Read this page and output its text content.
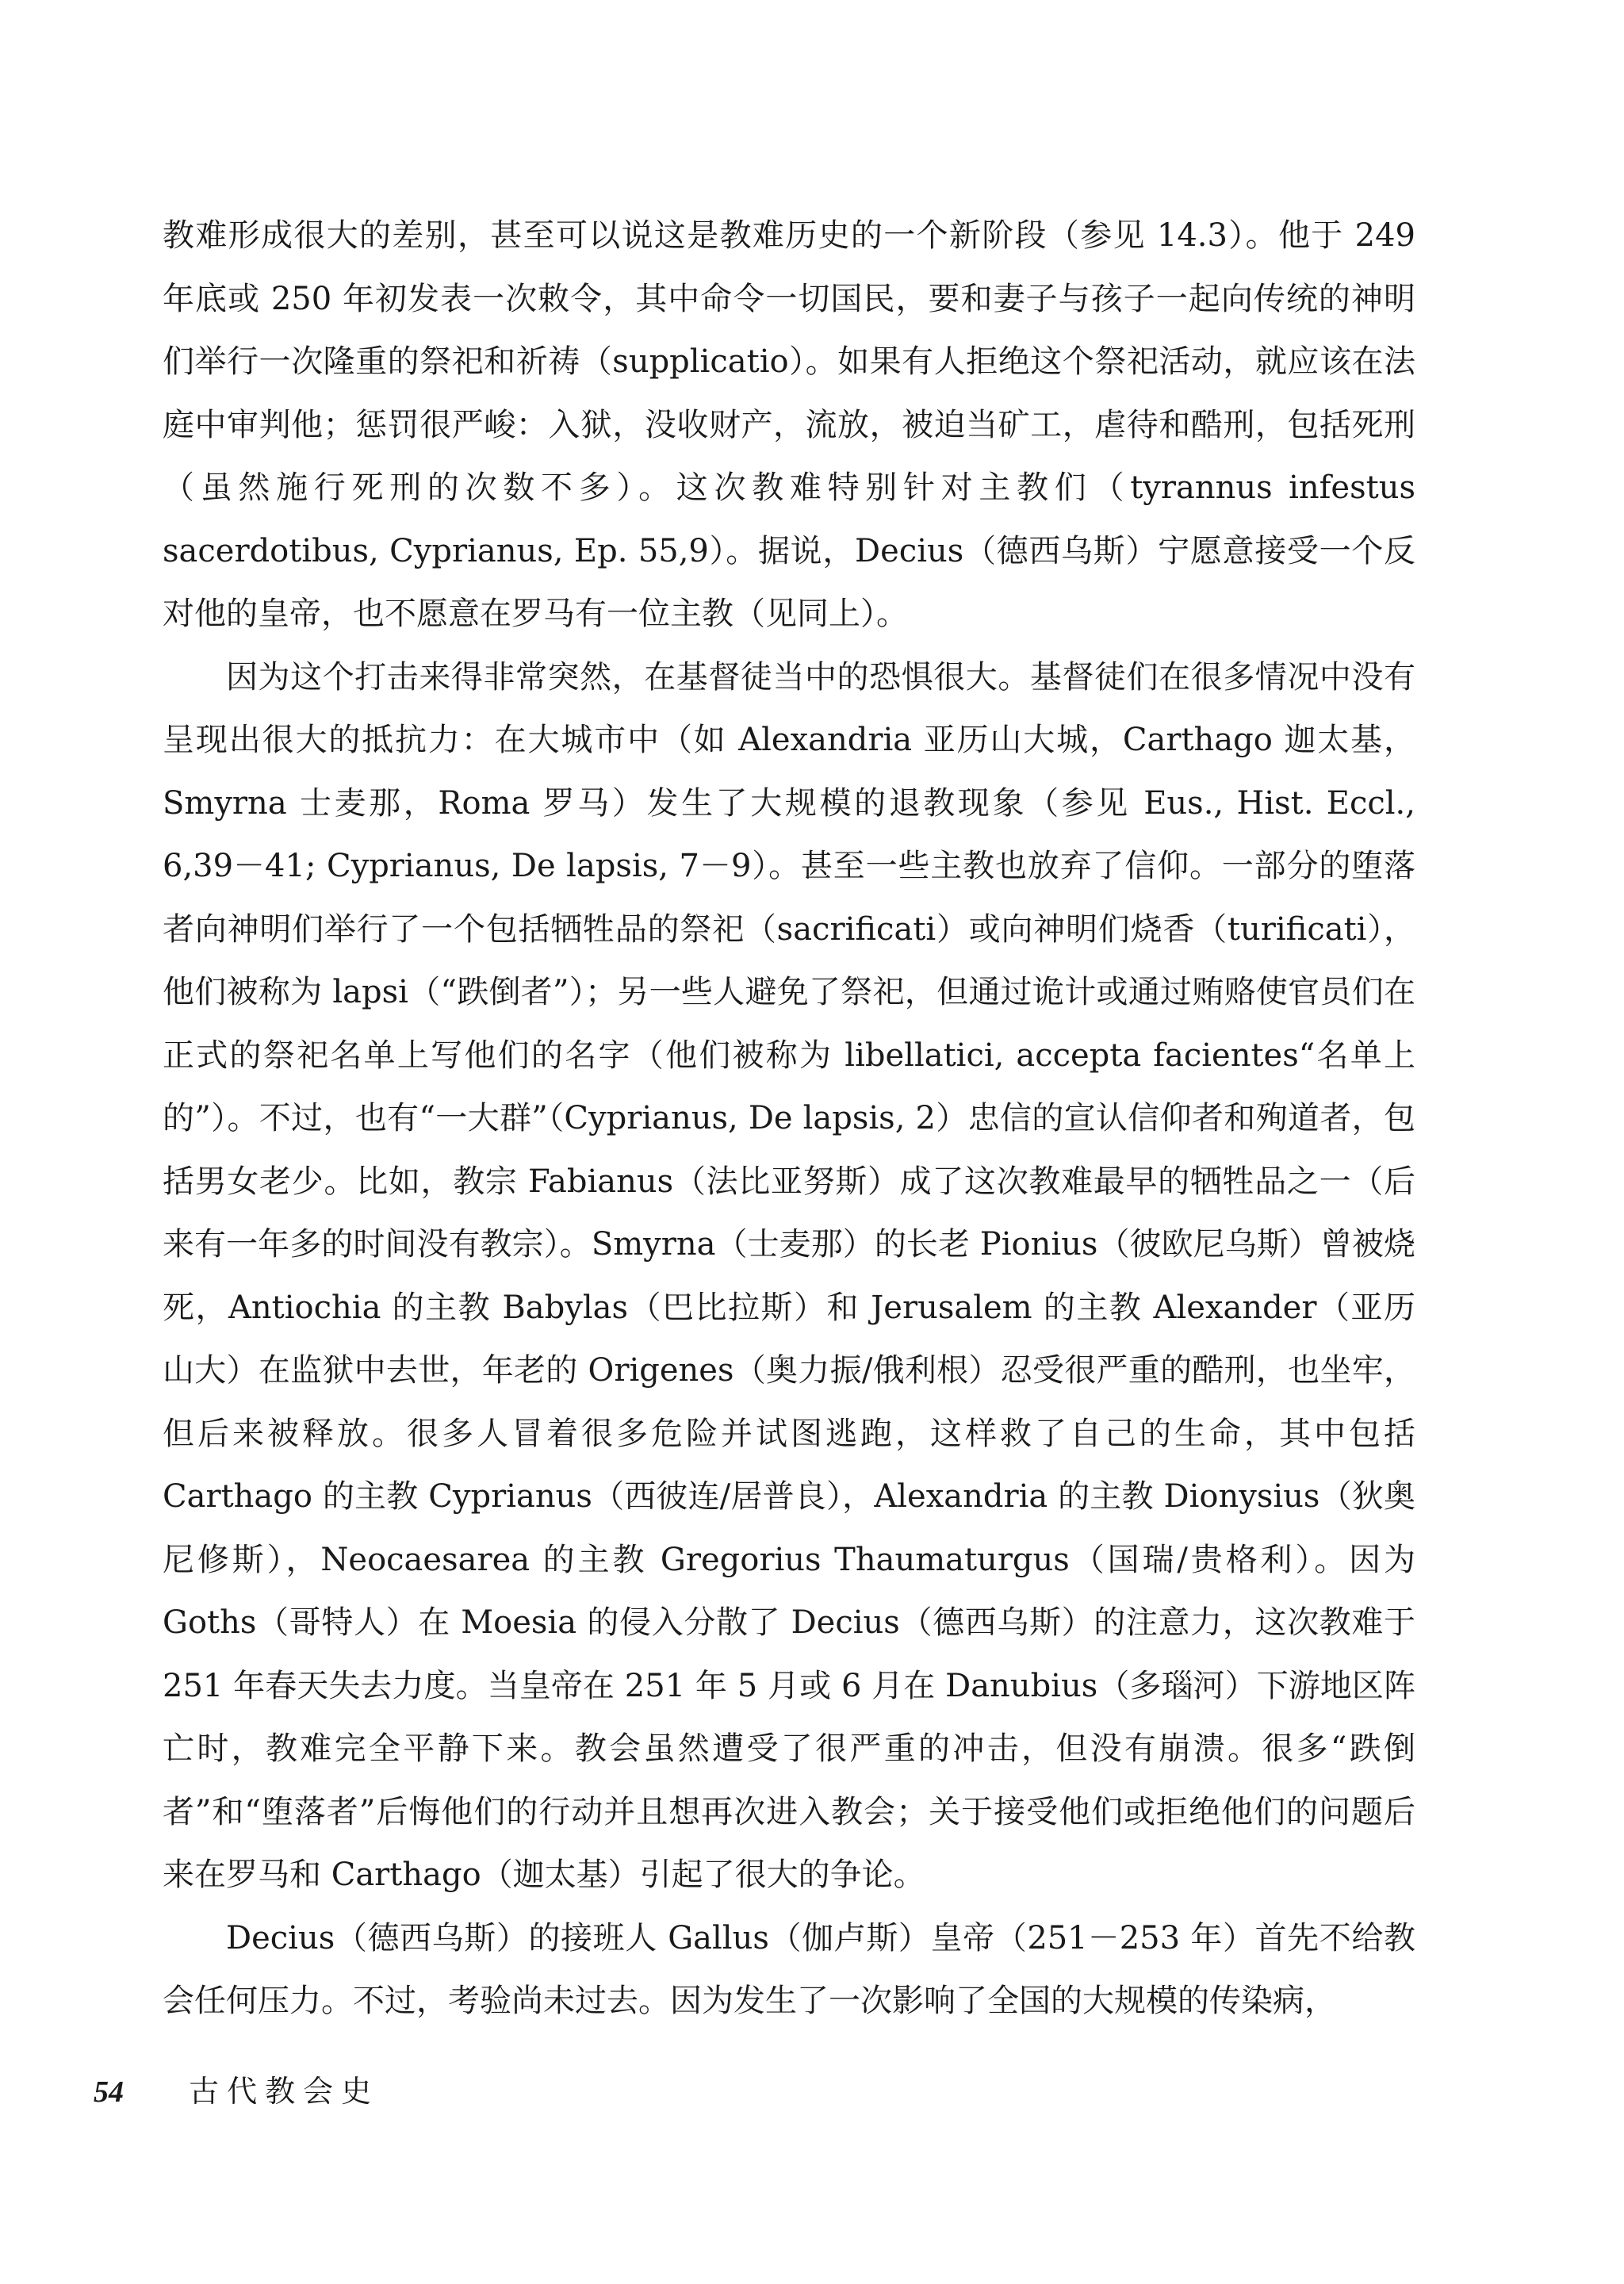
教难形成很大的差别，甚至可以说这是教难历史的一个新阶段（参见 14.3）。他于 249 年底或 250 年初发表一次敕令，其中命令一切国民，要和妻子与孩子一起向传统的神明们举行一次隆重的祭祀和祈祷（supplicatio）。如果有人拒绝这个祭祀活动，就应该在法庭中审判他；惩罚很严峻：入狱，没收财产，流放，被迫当矿工，虐待和酷刑，包括死刑（虽然施行死刑的次数不多）。这次教难特别针对主教们（tyrannus infestus sacerdotibus, Cyprianus, Ep. 55,9）。据说，Decius（德西乌斯）宁愿意接受一个反对他的皇帝，也不愿意在罗马有一位主教（见同上）。

因为这个打击来得非常突然，在基督徒当中的恐惧很大。基督徒们在很多情况中没有呈现出很大的抵抗力：在大城市中（如 Alexandria 亚历山大城，Carthago 迦太基，Smyrna 士麦那，Roma 罗马）发生了大规模的退教现象（参见 Eus., Hist. Eccl., 6,39－41; Cyprianus, De lapsis, 7－9）。甚至一些主教也放弃了信仰。一部分的堕落者向神明们举行了一个包括牺牲品的祭祀（sacrificati）或向神明们烧香（turificati），他们被称为 lapsi（“跌倒者”）；另一些人避免了祭祀，但通过诡计或通过贿赂使官员们在正式的祭祀名单上写他们的名字（他们被称为 libellatici, accepta facientes“名单上的”）。不过，也有“一大群”（Cyprianus, De lapsis, 2）忠信的宣认信仰者和殉道者，包括男女老少。比如，教宗 Fabianus（法比亚努斯）成了这次教难最早的牺牲品之一（后来有一年多的时间没有教宗）。Smyrna（士麦那）的长老 Pionius（彼欧尼乌斯）曾被烧死，Antiochia 的主教 Babylas（巴比拉斯）和 Jerusalem 的主教 Alexander（亚历山大）在监狱中去世，年老的 Origenes（奥力振/俄利根）忍受很严重的酷刑，也坐牢，但后来被释放。很多人冒着很多危险并试图逃跑，这样救了自己的生命，其中包括 Carthago 的主教 Cyprianus（西彼连/居普良），Alexandria 的主教 Dionysius（狄奥尼修斯），Neocaesarea 的主教 Gregorius Thaumaturgus（国瑞/贵格利）。因为 Goths（哥特人）在 Moesia 的侵入分散了 Decius（德西乌斯）的注意力，这次教难于 251 年春天失去力度。当皇帝在 251 年 5 月或 6 月在 Danubius（多瑙河）下游地区阵亡时，教难完全平静下来。教会虽然遭受了很严重的冲击，但没有崩溃。很多“跌倒者”和“堕落者”后悔他们的行动并且想再次进入教会；关于接受他们或拒绝他们的问题后来在罗马和 Carthago（迦太基）引起了很大的争论。

Decius（德西乌斯）的接班人 Gallus（伽卢斯）皇帝（251－253 年）首先不给教会任何压力。不过，考验尚未过去。因为发生了一次影响了全国的大规模的传染病，

54 古代教会史
